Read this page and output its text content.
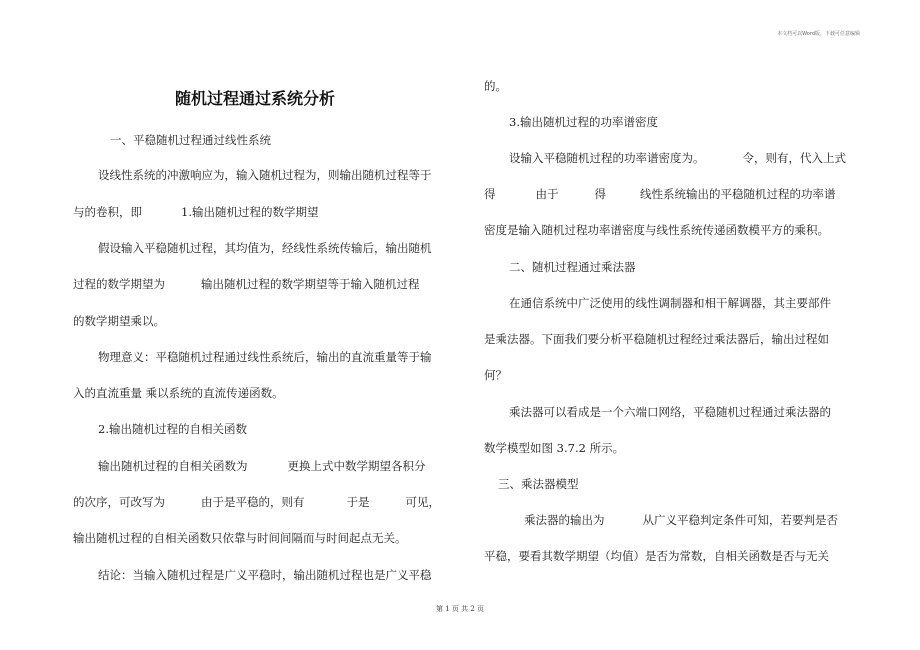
本文档可以Word版，下载可任意编辑
随机过程通过系统分析
一、平稳随机过程通过线性系统
设线性系统的冲激响应为，输入随机过程为，则输出随机过程等于
与的卷积，即	1.输出随机过程的数学期望
假设输入平稳随机过程，其均值为，经线性系统传输后，输出随机
过程的数学期望为	输出随机过程的数学期望等于输入随机过程
的数学期望乘以。
物理意义：平稳随机过程通过线性系统后，输出的直流重量等于输
入的直流重量 乘以系统的直流传递函数。
2.输出随机过程的自相关函数
输出随机过程的自相关函数为	更换上式中数学期望各积分
的次序，可改写为	由于是平稳的，则有	于是	可见，
输出随机过程的自相关函数只依靠与时间间隔而与时间起点无关。
结论：当输入随机过程是广义平稳时，输出随机过程也是广义平稳
的。
3.输出随机过程的功率谱密度
设输入平稳随机过程的功率谱密度为。	令，则有，代入上式
得	由于	得	线性系统输出的平稳随机过程的功率谱
密度是输入随机过程功率谱密度与线性系统传递函数模平方的乘积。
二、随机过程通过乘法器
在通信系统中广泛使用的线性调制器和相干解调器，其主要部件
是乘法器。下面我们要分析平稳随机过程经过乘法器后，输出过程如
何？
乘法器可以看成是一个六端口网络，平稳随机过程通过乘法器的
数学模型如图 3.7.2 所示。
三、乘法器模型
乘法器的输出为	从广义平稳判定条件可知，若要判是否
平稳，要看其数学期望（均值）是否为常数，自相关函数是否与无关
第 1 页 共 2 页
